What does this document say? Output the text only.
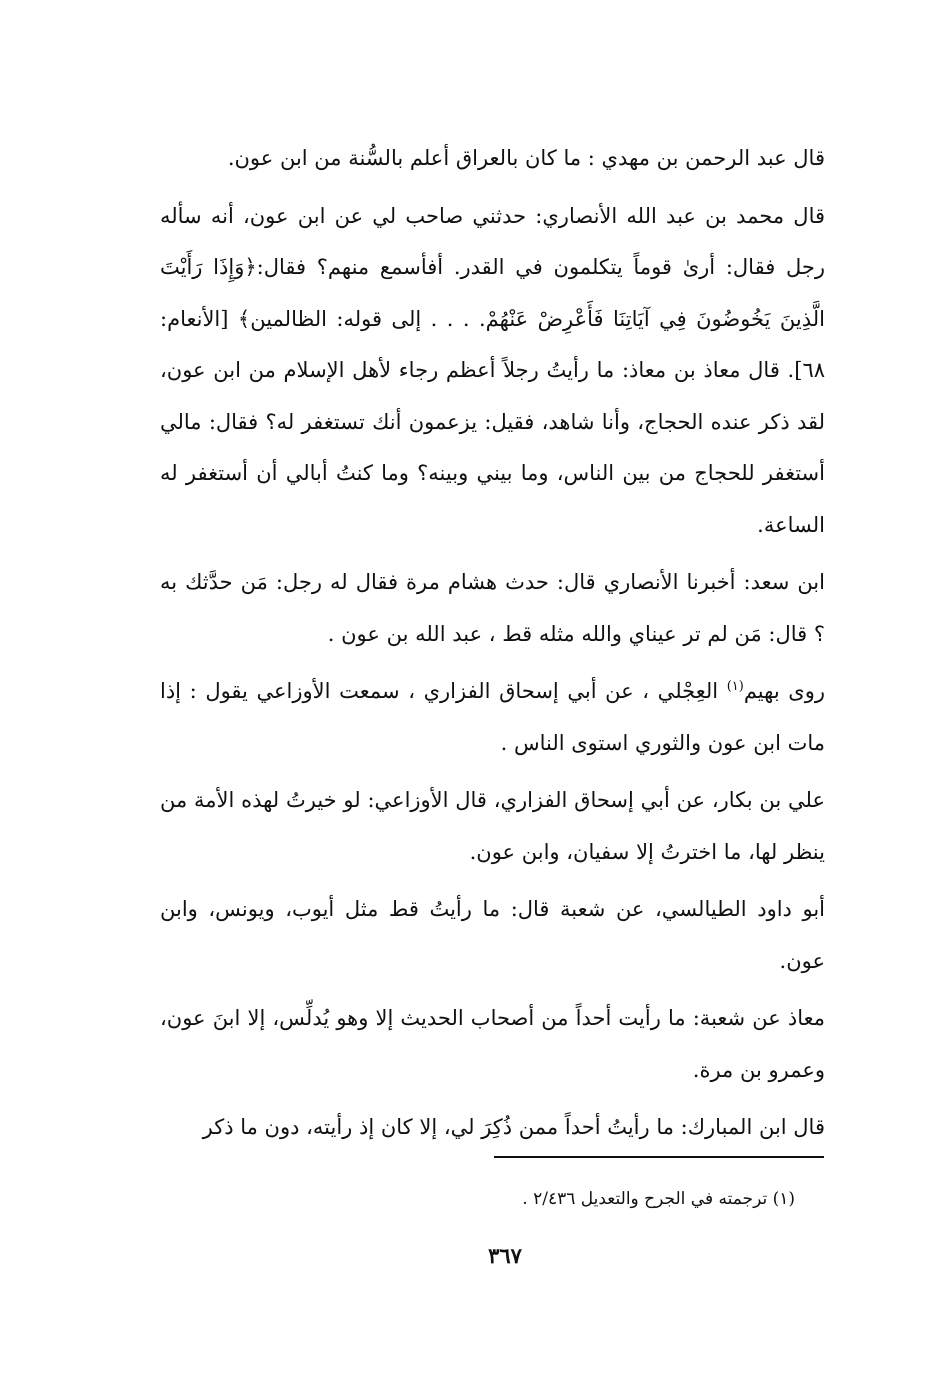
قال عبد الرحمن بن مهدي : ما كان بالعراق أعلم بالسُّنة من ابن عون.

قال محمد بن عبد الله الأنصاري: حدثني صاحب لي عن ابن عون، أنه سأله رجل فقال: أرىٰ قوماً يتكلمون في القدر. أفأسمع منهم؟ فقال:﴿وَإِذَا رَأَيْتَ الَّذِينَ يَخُوضُونَ فِي آيَاتِنَا فَأَعْرِضْ عَنْهُمْ. . . . إلى قوله: الظالمين﴾ [الأنعام: ٦٨]. قال معاذ بن معاذ: ما رأيتُ رجلاً أعظم رجاء لأهل الإسلام من ابن عون، لقد ذكر عنده الحجاج، وأنا شاهد، فقيل: يزعمون أنك تستغفر له؟ فقال: مالي أستغفر للحجاج من بين الناس، وما بيني وبينه؟ وما كنتُ أبالي أن أستغفر له الساعة.

ابن سعد: أخبرنا الأنصاري قال: حدث هشام مرة فقال له رجل: مَن حدَّثك به ؟ قال: مَن لم تر عيناي والله مثله قط ، عبد الله بن عون .

روى بهيم$^{(١)}$ العِجْلي ، عن أبي إسحاق الفزاري ، سمعت الأوزاعي يقول : إذا مات ابن عون والثوري استوى الناس .

علي بن بكار، عن أبي إسحاق الفزاري، قال الأوزاعي: لو خيرتُ لهذه الأمة من ينظر لها، ما اخترتُ إلا سفيان، وابن عون.

أبو داود الطيالسي، عن شعبة قال: ما رأيتُ قط مثل أيوب، ويونس، وابن عون.

معاذ عن شعبة: ما رأيت أحداً من أصحاب الحديث إلا وهو يُدلِّس، إلا ابنَ عون، وعمرو بن مرة.

قال ابن المبارك: ما رأيتُ أحداً ممن ذُكِرَ لي، إلا كان إذ رأيته، دون ما ذكر

(١) ترجمته في الجرح والتعديل ٢/٤٣٦ .
٣٦٧
